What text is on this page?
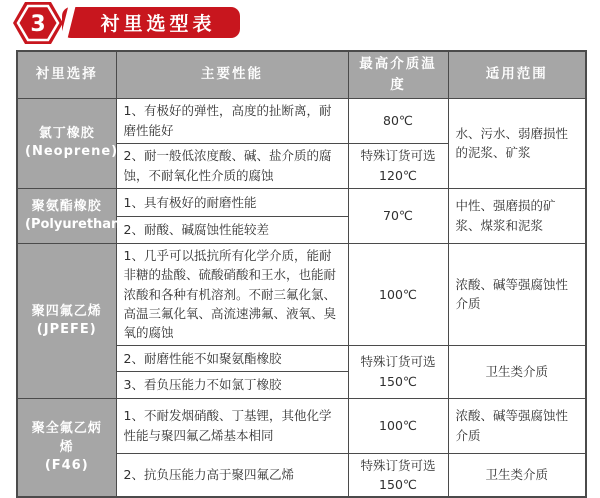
3	衬里选型表
衬里选择	主要性能	最高介质温度	适用范围

氯丁橡胶
(Neoprene)	1、有极好的弹性，高度的扯断离，耐磨性能好	80℃	水、污水、弱磨损性的泥浆、矿浆

	2、耐一般低浓度酸、碱、盐介质的腐蚀，不耐氧化性介质的腐蚀	特殊订货可选
120℃	

聚氨酯橡胶
(Polyurethane)	1、具有极好的耐磨性能	70℃	中性、强磨损的矿浆、煤浆和泥浆

	2、耐酸、碱腐蚀性能较差		

聚四氟乙烯
(JPEFE)	1、几乎可以抵抗所有化学介质，能耐非糖的盐酸、硫酸硝酸和王水，也能耐浓酸和各种有机溶剂。不耐三氟化氯、高温三氟化氧、高流速沸氟、液氧、臭氧的腐蚀	100℃	浓酸、碱等强腐蚀性介质

	2、耐磨性能不如聚氨酯橡胶	特殊订货可选
150℃	卫生类介质

	3、看负压能力不如氯丁橡胶		

聚全氟乙炳烯
(F46)	1、不耐发烟硝酸、丁基锂，其他化学性能与聚四氟乙烯基本相同	100℃	浓酸、碱等强腐蚀性介质

	2、抗负压能力高于聚四氟乙烯	特殊订货可选
150℃	卫生类介质
